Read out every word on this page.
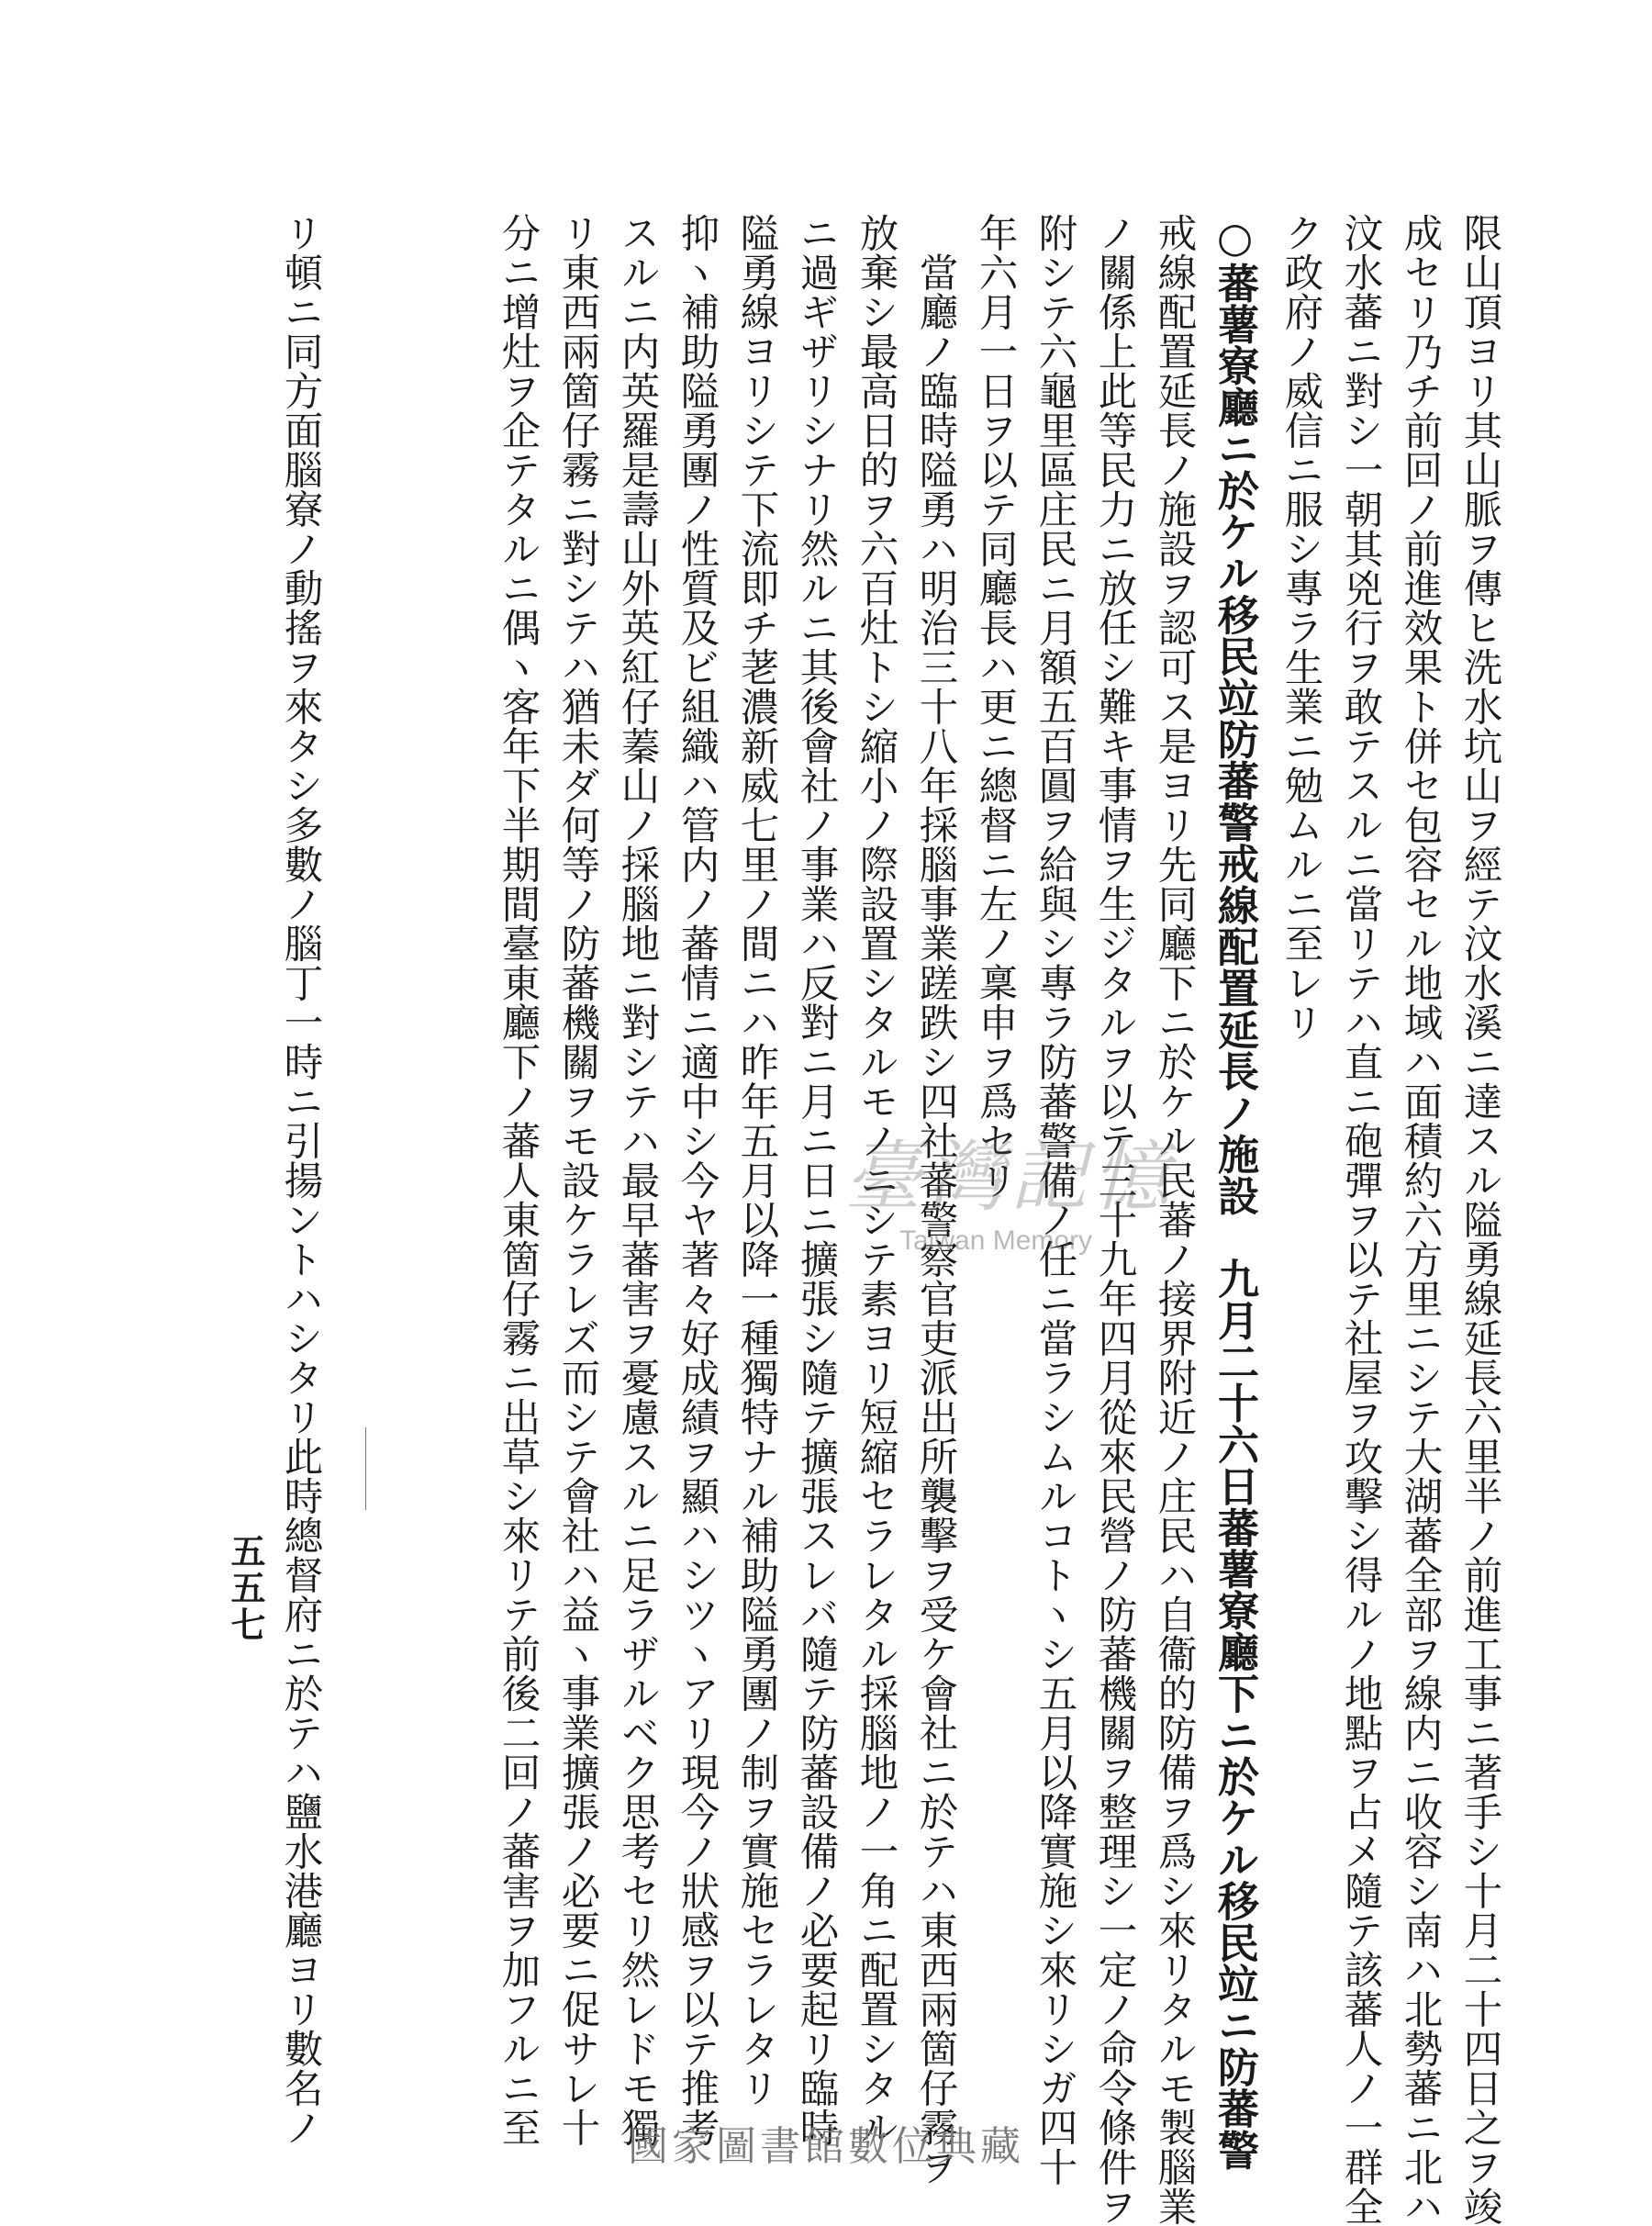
限山頂ヨリ其山脈ヲ傳ヒ洗水坑山ヲ經テ汶水溪ニ達スル隘勇線延長六里半ノ前進工事ニ著手シ十月二十四日之ヲ竣
成セリ乃チ前回ノ前進效果ト併セ包容セル地域ハ面積約六方里ニシテ大湖蕃全部ヲ線内ニ收容シ南ハ北勢蕃ニ北ハ
汶水蕃ニ對シ一朝其兇行ヲ敢テスルニ當リテハ直ニ砲彈ヲ以テ社屋ヲ攻擊シ得ルノ地點ヲ占メ隨テ該蕃人ノ一群全
ク政府ノ威信ニ服シ專ラ生業ニ勉ムルニ至レリ
○蕃薯寮廳ニ於ケル移民竝防蕃警戒線配置延長ノ施設　九月二十六日蕃薯寮廳下ニ於ケル移民竝ニ防蕃警
戒線配置延長ノ施設ヲ認可ス是ヨリ先同廳下ニ於ケル民蕃ノ接界附近ノ庄民ハ自衞的防備ヲ爲シ來リタルモ製腦業
ノ關係上此等民力ニ放任シ難キ事情ヲ生ジタルヲ以テ三十九年四月從來民營ノ防蕃機關ヲ整理シ一定ノ命令條件ヲ
附シテ六龜里區庄民ニ月額五百圓ヲ給與シ專ラ防蕃警備ノ任ニ當ラシムルコトヽシ五月以降實施シ來リシガ四十
年六月一日ヲ以テ同廳長ハ更ニ總督ニ左ノ稟申ヲ爲セリ
　當廳ノ臨時隘勇ハ明治三十八年採腦事業蹉跌シ四社蕃警察官吏派出所襲擊ヲ受ケ會社ニ於テハ東西兩箇仔霧ヲ
放棄シ最高日的ヲ六百灶トシ縮小ノ際設置シタルモノニシテ素ヨリ短縮セラレタル採腦地ノ一角ニ配置シタル
ニ過ギザリシナリ然ルニ其後會社ノ事業ハ反對ニ月ニ日ニ擴張シ隨テ擴張スレバ隨テ防蕃設備ノ必要起リ臨時
隘勇線ヨリシテ下流即チ荖濃新威七里ノ間ニハ昨年五月以降一種獨特ナル補助隘勇團ノ制ヲ實施セラレタリ
抑ヽ補助隘勇團ノ性質及ビ組織ハ管内ノ蕃情ニ適中シ今ヤ著々好成績ヲ顯ハシツヽアリ現今ノ狀感ヲ以テ推考
スルニ内英羅是壽山外英紅仔蓁山ノ採腦地ニ對シテハ最早蕃害ヲ憂慮スルニ足ラザルベク思考セリ然レドモ獨
リ東西兩箇仔霧ニ對シテハ猶未ダ何等ノ防蕃機關ヲモ設ケラレズ而シテ會社ハ益ヽ事業擴張ノ必要ニ促サレ十
分ニ增灶ヲ企テタルニ偶ヽ客年下半期間臺東廳下ノ蕃人東箇仔霧ニ出草シ來リテ前後二回ノ蕃害ヲ加フルニ至
リ頓ニ同方面腦寮ノ動搖ヲ來タシ多數ノ腦丁一時ニ引揚ントハシタリ此時總督府ニ於テハ鹽水港廳ヨリ數名ノ
五五七
臺灣記憶
Taiwan Memory
國家圖書館數位典藏
